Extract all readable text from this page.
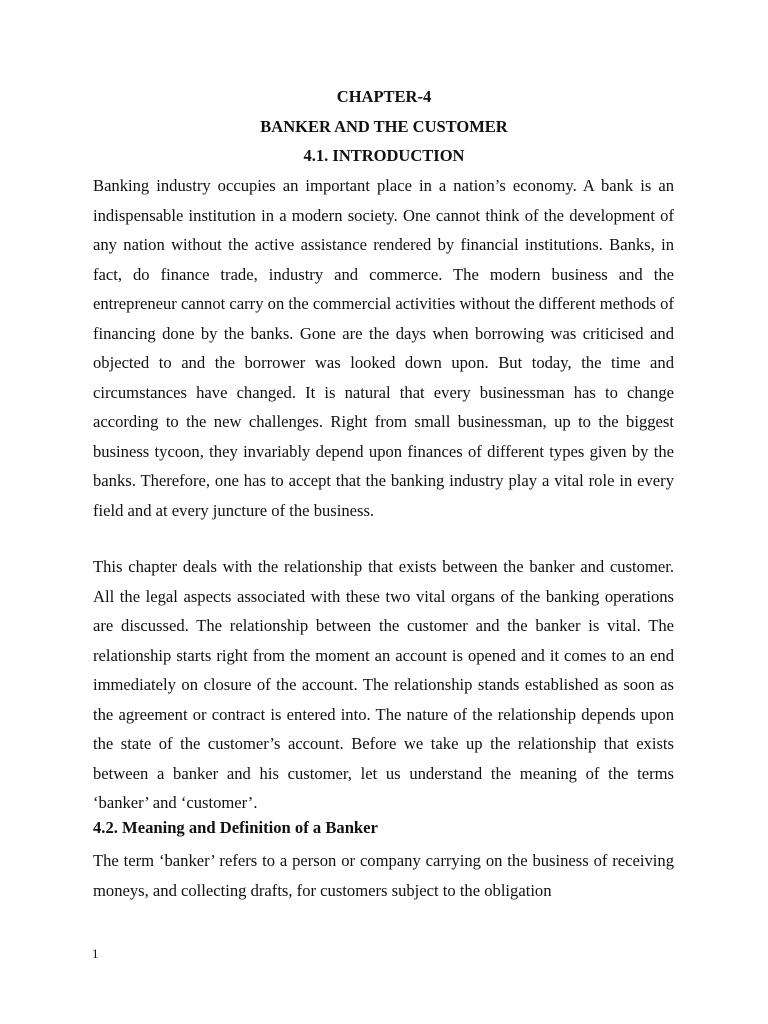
CHAPTER-4
BANKER AND THE CUSTOMER
4.1. INTRODUCTION

Banking industry occupies an important place in a nation’s economy. A bank is an indispensable institution in a modern society. One cannot think of the development of any nation without the active assistance rendered by financial institutions. Banks, in fact, do finance trade, industry and commerce. The modern business and the entrepreneur cannot carry on the commercial activities without the different methods of financing done by the banks. Gone are the days when borrowing was criticised and objected to and the borrower was looked down upon. But today, the time and circumstances have changed. It is natural that every businessman has to change according to the new challenges. Right from small businessman, up to the biggest business tycoon, they invariably depend upon finances of different types given by the banks. Therefore, one has to accept that the banking industry play a vital role in every field and at every juncture of the business.

This chapter deals with the relationship that exists between the banker and customer. All the legal aspects associated with these two vital organs of the banking operations are discussed. The relationship between the customer and the banker is vital. The relationship starts right from the moment an account is opened and it comes to an end immediately on closure of the account. The relationship stands established as soon as the agreement or contract is entered into. The nature of the relationship depends upon the state of the customer’s account. Before we take up the relationship that exists between a banker and his customer, let us understand the meaning of the terms ‘banker’ and ‘customer’.

4.2. Meaning and Definition of a Banker

The term ‘banker’ refers to a person or company carrying on the business of receiving moneys, and collecting drafts, for customers subject to the obligation

1
